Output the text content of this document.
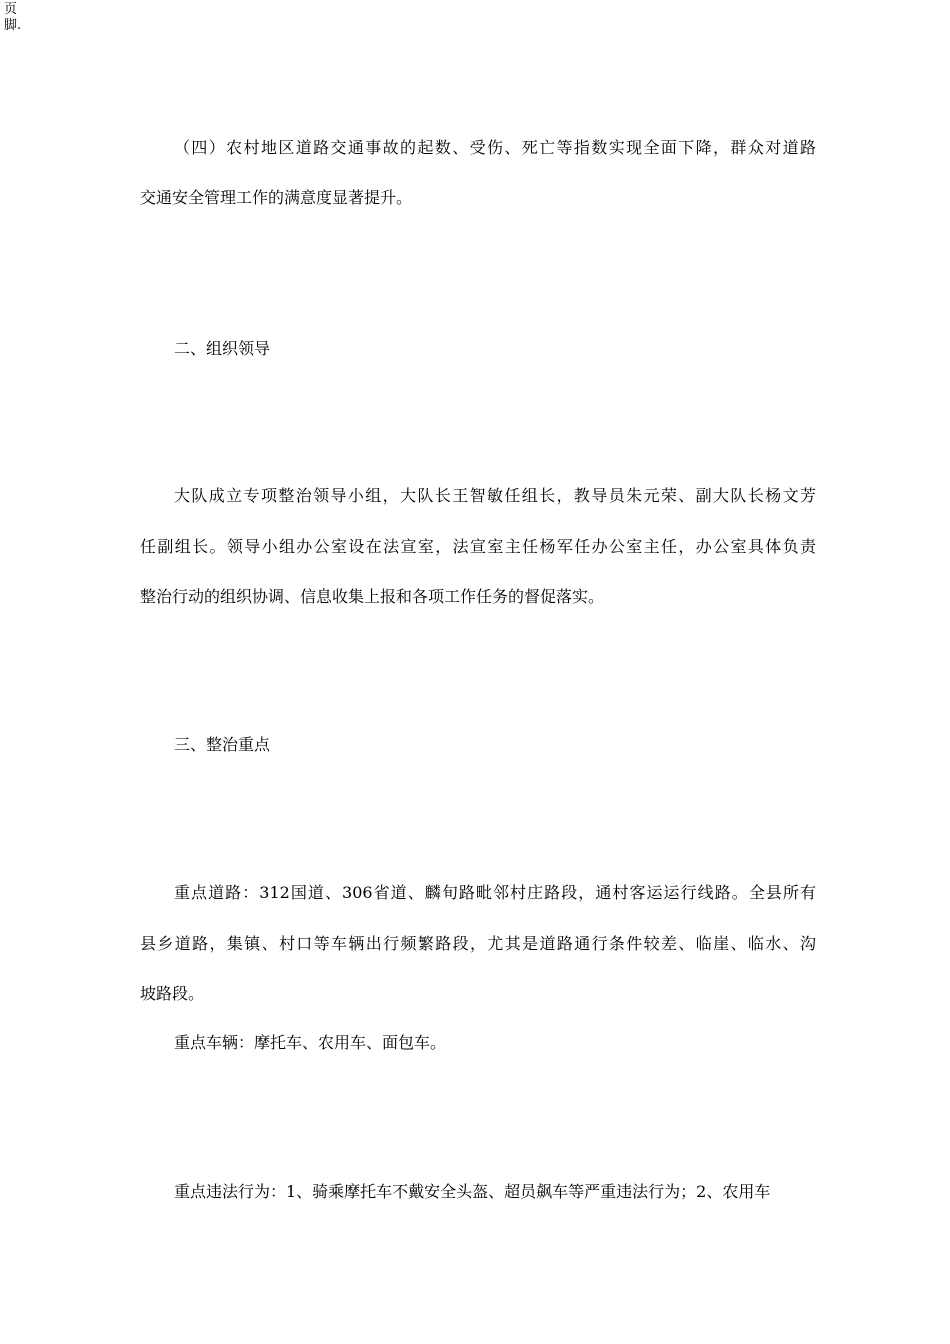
页脚.
（四）农村地区道路交通事故的起数、受伤、死亡等指数实现全面下降，群众对道路
交通安全管理工作的满意度显著提升。
二、组织领导
大队成立专项整治领导小组，大队长王智敏任组长，教导员朱元荣、副大队长杨文芳
任副组长。领导小组办公室设在法宣室，法宣室主任杨军任办公室主任，办公室具体负责
整治行动的组织协调、信息收集上报和各项工作任务的督促落实。
三、整治重点
重点道路：312国道、306省道、麟旬路毗邻村庄路段，通村客运运行线路。全县所有
县乡道路，集镇、村口等车辆出行频繁路段，尤其是道路通行条件较差、临崖、临水、沟
坡路段。
重点车辆：摩托车、农用车、面包车。
重点违法行为：1、骑乘摩托车不戴安全头盔、超员飙车等严重违法行为；2、农用车
